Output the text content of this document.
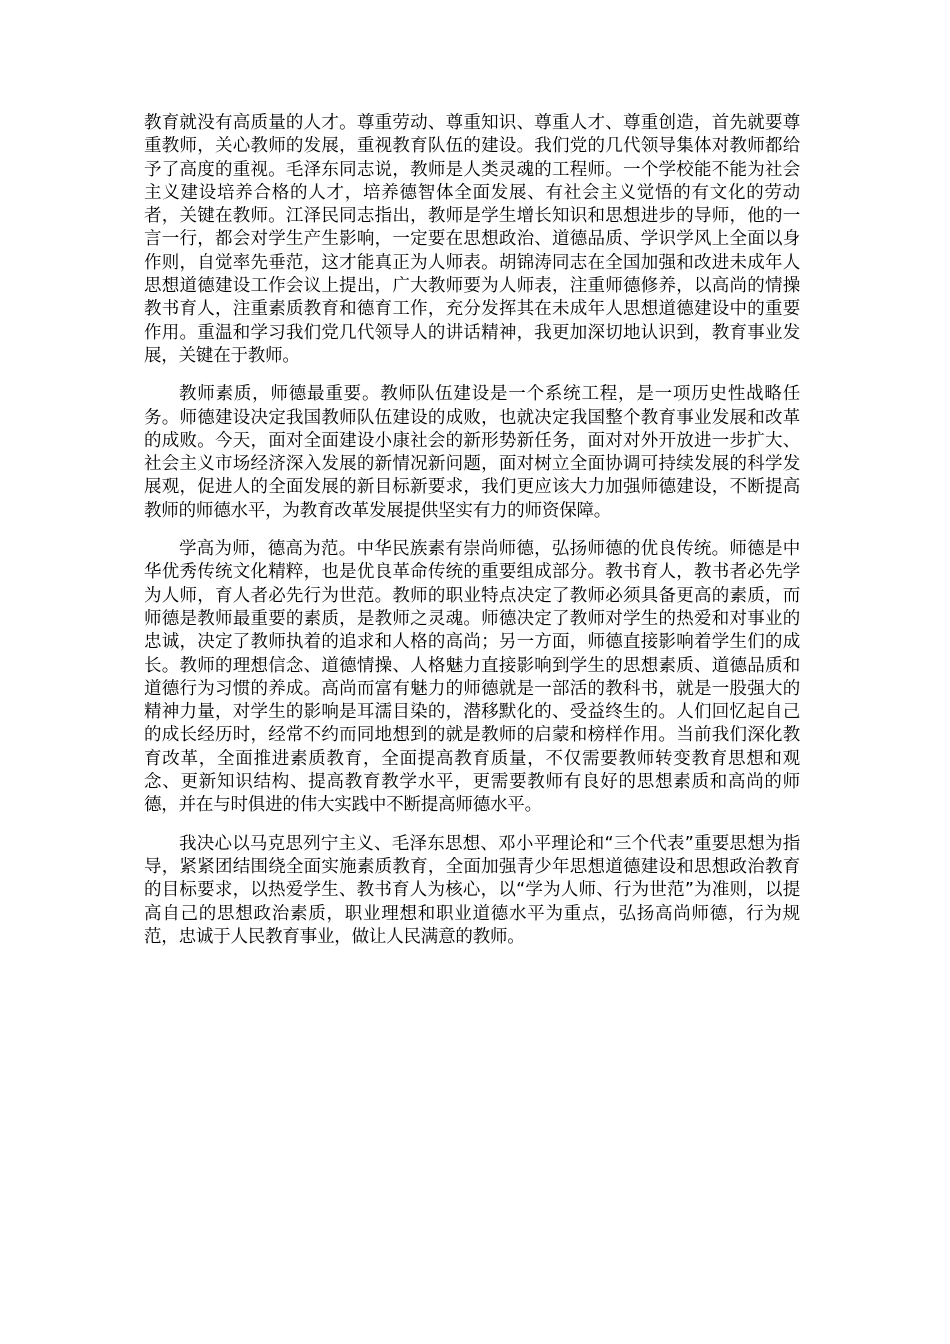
教育就没有高质量的人才。尊重劳动、尊重知识、尊重人才、尊重创造，首先就要尊重教师，关心教师的发展，重视教育队伍的建设。我们党的几代领导集体对教师都给予了高度的重视。毛泽东同志说，教师是人类灵魂的工程师。一个学校能不能为社会主义建设培养合格的人才，培养德智体全面发展、有社会主义觉悟的有文化的劳动者，关键在教师。江泽民同志指出，教师是学生增长知识和思想进步的导师，他的一言一行，都会对学生产生影响，一定要在思想政治、道德品质、学识学风上全面以身作则，自觉率先垂范，这才能真正为人师表。胡锦涛同志在全国加强和改进未成年人思想道德建设工作会议上提出，广大教师要为人师表，注重师德修养，以高尚的情操教书育人，注重素质教育和德育工作，充分发挥其在未成年人思想道德建设中的重要作用。重温和学习我们党几代领导人的讲话精神，我更加深切地认识到，教育事业发展，关键在于教师。

教师素质，师德最重要。教师队伍建设是一个系统工程，是一项历史性战略任务。师德建设决定我国教师队伍建设的成败，也就决定我国整个教育事业发展和改革的成败。今天，面对全面建设小康社会的新形势新任务，面对对外开放进一步扩大、社会主义市场经济深入发展的新情况新问题，面对树立全面协调可持续发展的科学发展观，促进人的全面发展的新目标新要求，我们更应该大力加强师德建设，不断提高教师的师德水平，为教育改革发展提供坚实有力的师资保障。

学高为师，德高为范。中华民族素有崇尚师德，弘扬师德的优良传统。师德是中华优秀传统文化精粹，也是优良革命传统的重要组成部分。教书育人，教书者必先学为人师，育人者必先行为世范。教师的职业特点决定了教师必须具备更高的素质，而师德是教师最重要的素质，是教师之灵魂。师德决定了教师对学生的热爱和对事业的忠诚，决定了教师执着的追求和人格的高尚；另一方面，师德直接影响着学生们的成长。教师的理想信念、道德情操、人格魅力直接影响到学生的思想素质、道德品质和道德行为习惯的养成。高尚而富有魅力的师德就是一部活的教科书，就是一股强大的精神力量，对学生的影响是耳濡目染的，潜移默化的、受益终生的。人们回忆起自己的成长经历时，经常不约而同地想到的就是教师的启蒙和榜样作用。当前我们深化教育改革，全面推进素质教育，全面提高教育质量，不仅需要教师转变教育思想和观念、更新知识结构、提高教育教学水平，更需要教师有良好的思想素质和高尚的师德，并在与时俱进的伟大实践中不断提高师德水平。

我决心以马克思列宁主义、毛泽东思想、邓小平理论和“三个代表”重要思想为指导，紧紧团结围绕全面实施素质教育，全面加强青少年思想道德建设和思想政治教育的目标要求，以热爱学生、教书育人为核心，以“学为人师、行为世范”为准则，以提高自己的思想政治素质，职业理想和职业道德水平为重点，弘扬高尚师德，行为规范，忠诚于人民教育事业，做让人民满意的教师。
